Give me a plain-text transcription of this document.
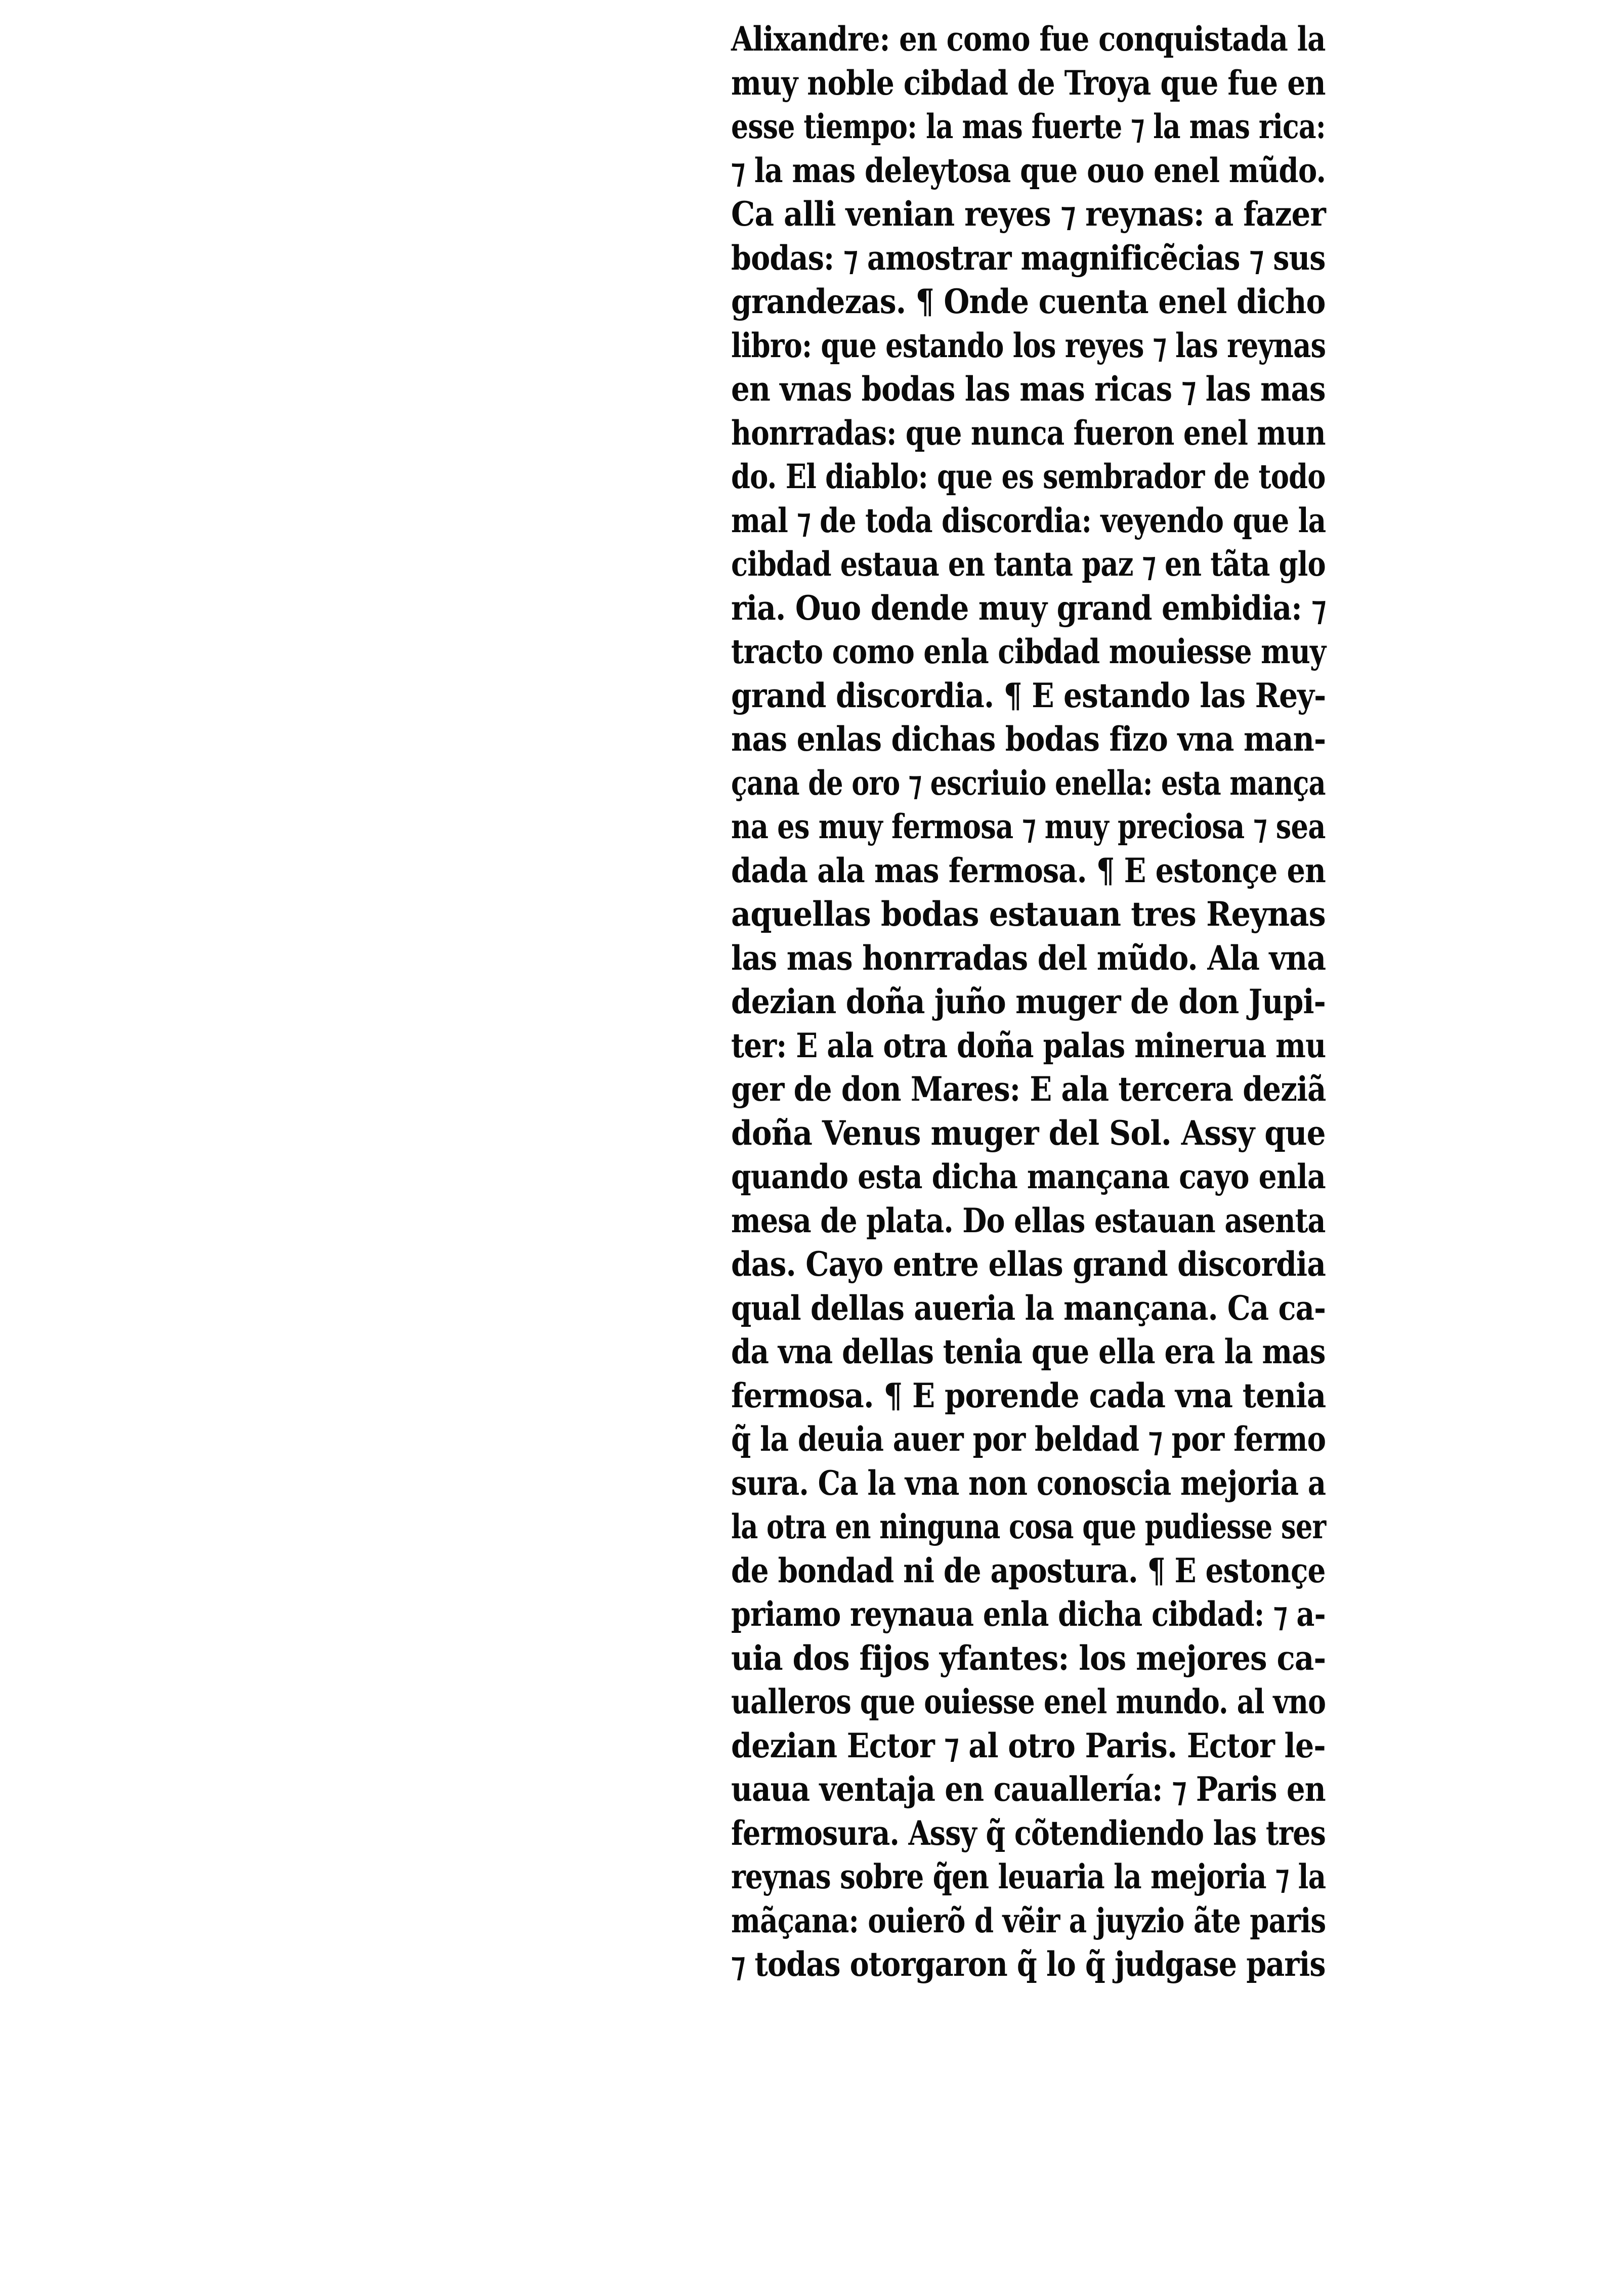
Alixandre: en como fue conquistada la
muy noble cibdad de Troya que fue en
esse tiempo: la mas fuerte ⁊ la mas rica:
⁊ la mas deleytosa que ouo enel mũdo.
Ca alli venian reyes ⁊ reynas: a fazer
bodas: ⁊ amostrar magnificẽcias ⁊ sus
grandezas. ¶ Onde cuenta enel dicho
libro: que estando los reyes ⁊ las reynas
en vnas bodas las mas ricas ⁊ las mas
honrradas: que nunca fueron enel mun
do. El diablo: que es sembrador de todo
mal ⁊ de toda discordia: veyendo que la
cibdad estaua en tanta paz ⁊ en tãta glo
ria. Ouo dende muy grand embidia: ⁊
tracto como enla cibdad mouiesse muy
grand discordia. ¶ E estando las Rey-
nas enlas dichas bodas fizo vna man-
çana de oro ⁊ escriuio enella: esta mança
na es muy fermosa ⁊ muy preciosa ⁊ sea
dada ala mas fermosa. ¶ E estonçe en
aquellas bodas estauan tres Reynas
las mas honrradas del mũdo. Ala vna
dezian doña juño muger de don Jupi-
ter: E ala otra doña palas minerua mu
ger de don Mares: E ala tercera deziã
doña Venus muger del Sol. Assy que
quando esta dicha mançana cayo enla
mesa de plata. Do ellas estauan asenta
das. Cayo entre ellas grand discordia
qual dellas aueria la mançana. Ca ca-
da vna dellas tenia que ella era la mas
fermosa. ¶ E porende cada vna tenia
q̃ la deuia auer por beldad ⁊ por fermo
sura. Ca la vna non conoscia mejoria a
la otra en ninguna cosa que pudiesse ser
de bondad ni de apostura. ¶ E estonçe
priamo reynaua enla dicha cibdad: ⁊ a-
uia dos fijos yfantes: los mejores ca-
ualleros que ouiesse enel mundo. al vno
dezian Ector ⁊ al otro Paris. Ector le-
uaua ventaja en cauallería: ⁊ Paris en
fermosura. Assy q̃ cõtendiendo las tres
reynas sobre q̃en leuaria la mejoria ⁊ la
mãçana: ouierõ d vẽir a juyzio ãte paris
⁊ todas otorgaron q̃ lo q̃ judgase paris
